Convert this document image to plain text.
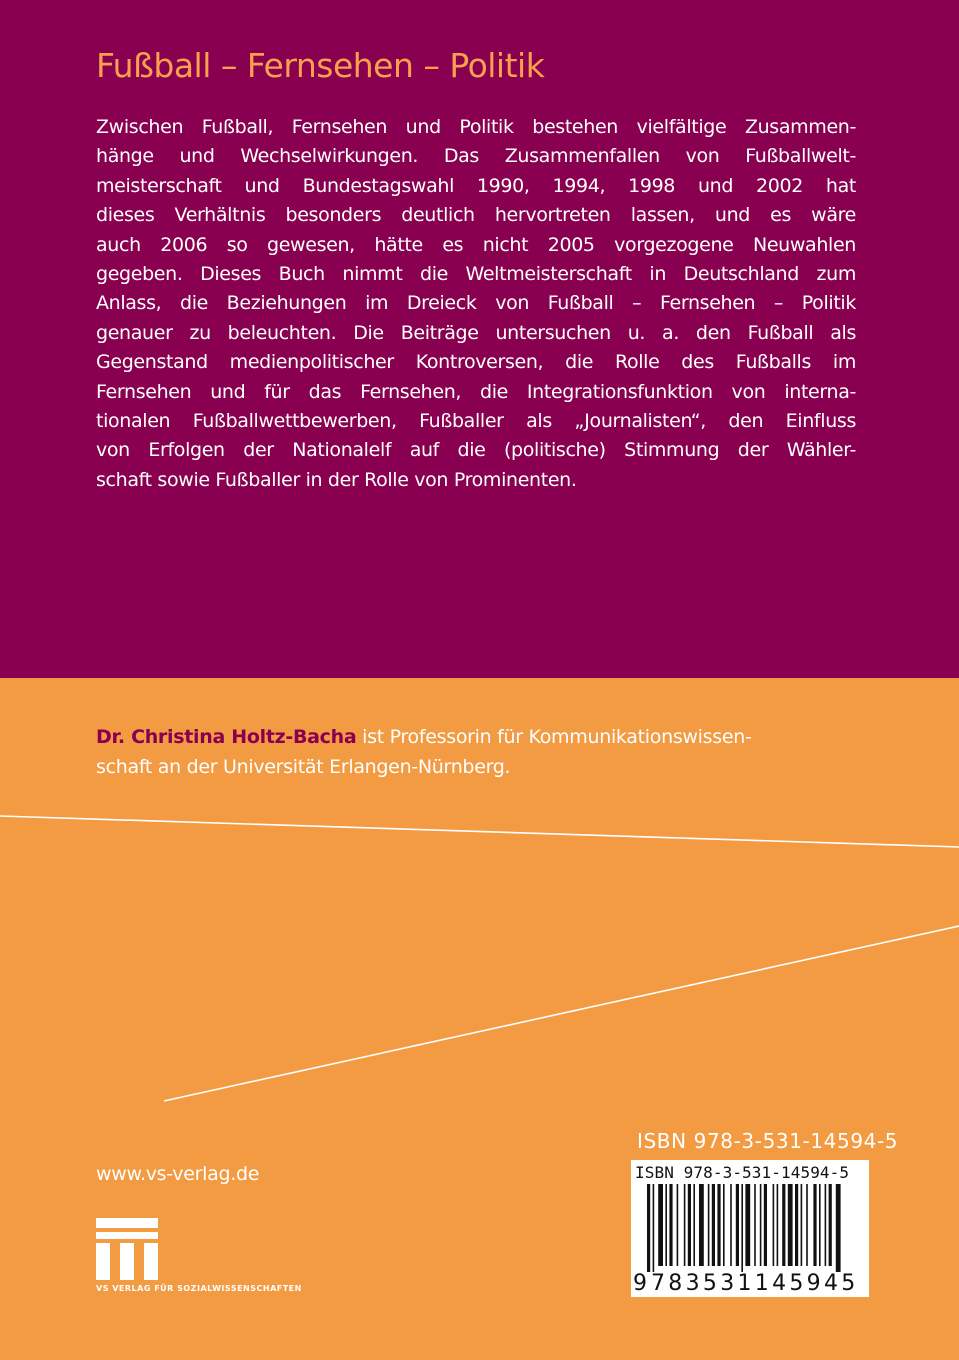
Fußball – Fernsehen – Politik
Zwischen Fußball, Fernsehen und Politik bestehen vielfältige Zusammen-
hänge und Wechselwirkungen. Das Zusammenfallen von Fußballwelt-
meisterschaft und Bundestagswahl 1990, 1994, 1998 und 2002 hat
dieses Verhältnis besonders deutlich hervortreten lassen, und es wäre
auch 2006 so gewesen, hätte es nicht 2005 vorgezogene Neuwahlen
gegeben. Dieses Buch nimmt die Weltmeisterschaft in Deutschland zum
Anlass, die Beziehungen im Dreieck von Fußball – Fernsehen – Politik
genauer zu beleuchten. Die Beiträge untersuchen u. a. den Fußball als
Gegenstand medienpolitischer Kontroversen, die Rolle des Fußballs im
Fernsehen und für das Fernsehen, die Integrationsfunktion von interna-
tionalen Fußballwettbewerben, Fußballer als „Journalisten“, den Einfluss
von Erfolgen der Nationalelf auf die (politische) Stimmung der Wähler-
schaft sowie Fußballer in der Rolle von Prominenten.
Dr. Christina Holtz-Bacha ist Professorin für Kommunikationswissen-
schaft an der Universität Erlangen-Nürnberg.
www.vs-verlag.de
VS VERLAG FÜR SOZIALWISSENSCHAFTEN
ISBN 978-3-531-14594-5
ISBN 978-3-531-14594-5
9 783531145945
